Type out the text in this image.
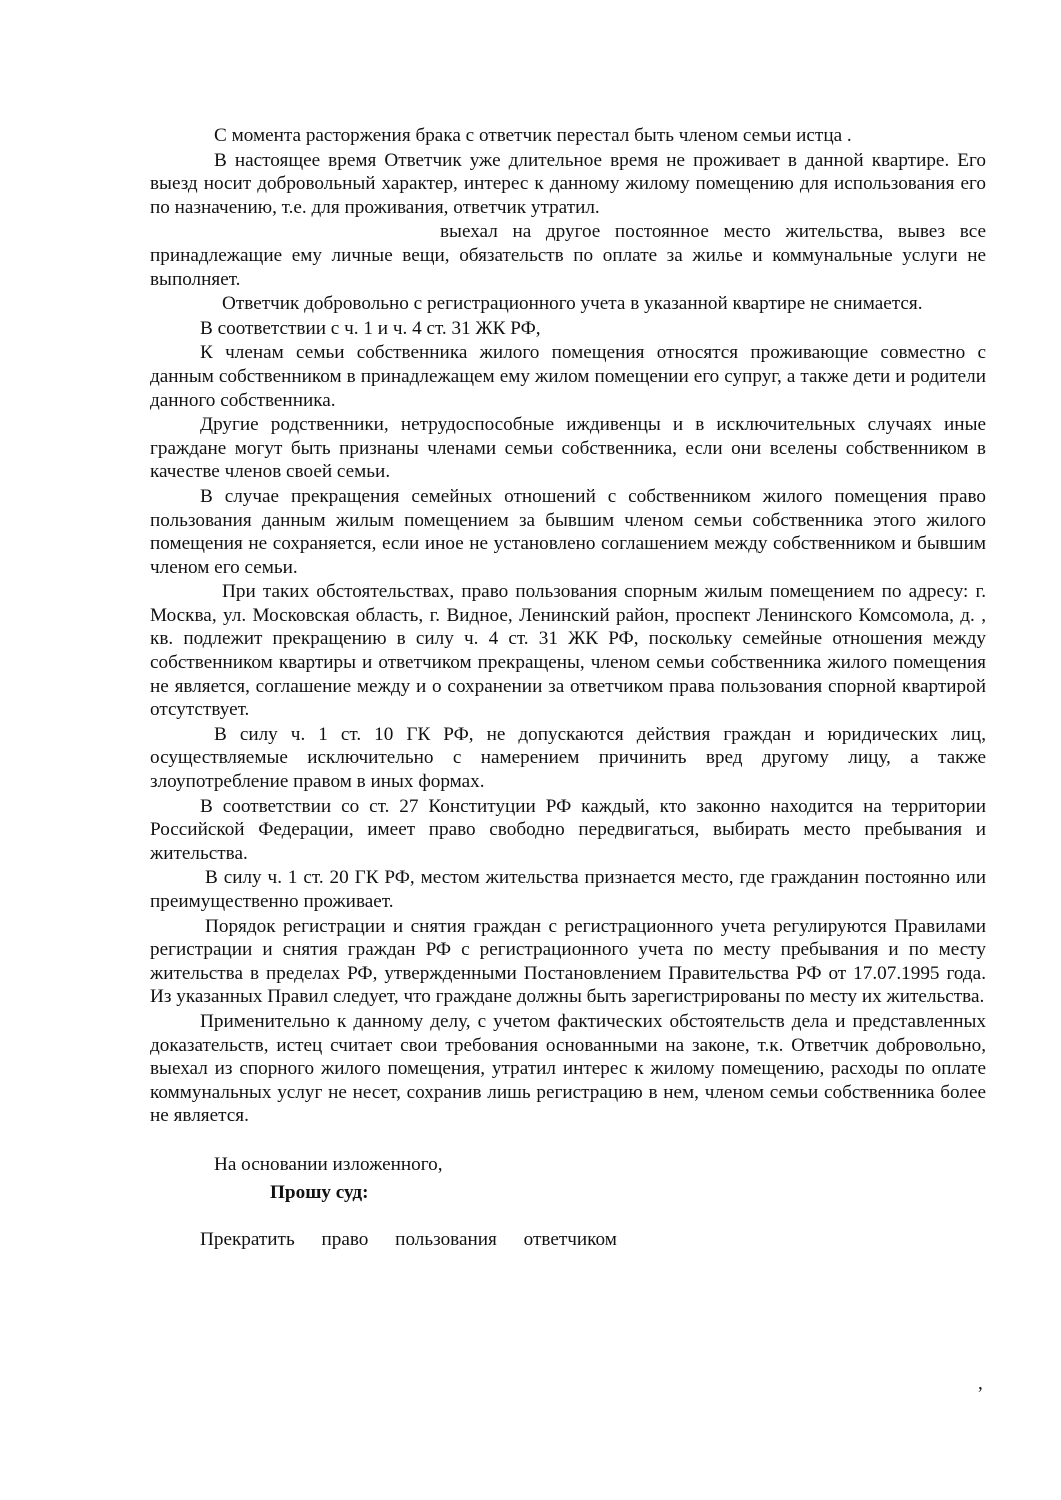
С момента расторжения брака с ответчик перестал быть членом семьи истца .

В настоящее время Ответчик уже длительное время не проживает в данной квартире. Его выезд носит добровольный характер, интерес к данному жилому помещению для использования его по назначению, т.е. для проживания, ответчик утратил.

выехал на другое постоянное место жительства, вывез все принадлежащие ему личные вещи, обязательств по оплате за жилье и коммунальные услуги не выполняет.

Ответчик добровольно с регистрационного учета в указанной квартире не снимается.

В соответствии с ч. 1 и ч. 4 ст. 31 ЖК РФ,

К членам семьи собственника жилого помещения относятся проживающие совместно с данным собственником в принадлежащем ему жилом помещении его супруг, а также дети и родители данного собственника.

Другие родственники, нетрудоспособные иждивенцы и в исключительных случаях иные граждане могут быть признаны членами семьи собственника, если они вселены собственником в качестве членов своей семьи.

В случае прекращения семейных отношений с собственником жилого помещения право пользования данным жилым помещением за бывшим членом семьи собственника этого жилого помещения не сохраняется, если иное не установлено соглашением между собственником и бывшим членом его семьи.

При таких обстоятельствах, право пользования спорным жилым помещением по адресу: г. Москва, ул. Московская область, г. Видное, Ленинский район, проспект Ленинского Комсомола, д. , кв. подлежит прекращению в силу ч. 4 ст. 31 ЖК РФ, поскольку семейные отношения между собственником квартиры и ответчиком прекращены, членом семьи собственника жилого помещения не является, соглашение между и о сохранении за ответчиком права пользования спорной квартирой отсутствует.

В силу ч. 1 ст. 10 ГК РФ, не допускаются действия граждан и юридических лиц, осуществляемые исключительно с намерением причинить вред другому лицу, а также злоупотребление правом в иных формах.

В соответствии со ст. 27 Конституции РФ каждый, кто законно находится на территории Российской Федерации, имеет право свободно передвигаться, выбирать место пребывания и жительства.

В силу ч. 1 ст. 20 ГК РФ, местом жительства признается место, где гражданин постоянно или преимущественно проживает.

Порядок регистрации и снятия граждан с регистрационного учета регулируются Правилами регистрации и снятия граждан РФ с регистрационного учета по месту пребывания и по месту жительства в пределах РФ, утвержденными Постановлением Правительства РФ от 17.07.1995 года. Из указанных Правил следует, что граждане должны быть зарегистрированы по месту их жительства.

Применительно к данному делу, с учетом фактических обстоятельств дела и представленных доказательств, истец считает свои требования основанными на законе, т.к. Ответчик добровольно, выехал из спорного жилого помещения, утратил интерес к жилому помещению, расходы по оплате коммунальных услуг не несет, сохранив лишь регистрацию в нем, членом семьи собственника более не является.

На основании изложенного,

Прошу суд:

Прекратить право пользования ответчиком

,
